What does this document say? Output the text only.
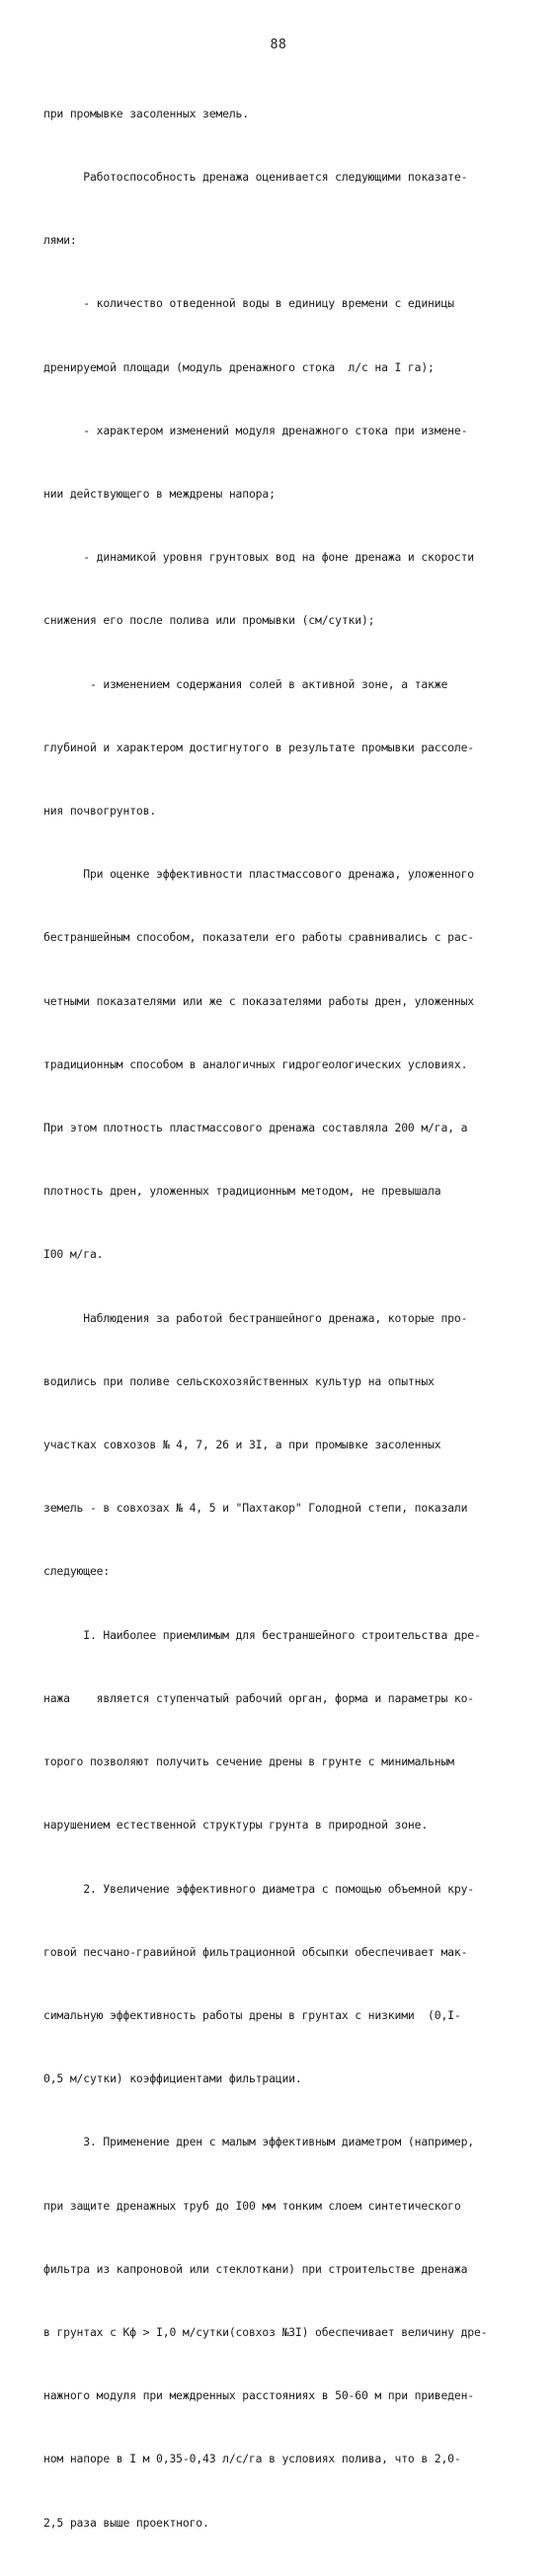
88

при промывке засоленных земель.

Работоспособность дренажа оценивается следующими показате-

лями:

- количество отведенной воды в единицу времени с единицы

дренируемой площади (модуль дренажного стока  л/с на I га);

- характером изменений модуля дренажного стока при измене-

нии действующего в междрены напора;

- динамикой уровня грунтовых вод на фоне дренажа и скорости

снижения его после полива или промывки (см/сутки);

- изменением содержания солей в активной зоне, а также

глубиной и характером достигнутого в результате промывки рассоле-

ния почвогрунтов.

При оценке эффективности пластмассового дренажа, уложенного

бестраншейным способом, показатели его работы сравнивались с рас-

четными показателями или же с показателями работы дрен, уложенных

традиционным способом в аналогичных гидрогеологических условиях.

При этом плотность пластмассового дренажа составляла 200 м/га, а

плотность дрен, уложенных традиционным методом, не превышала

I00 м/га.

Наблюдения за работой бестраншейного дренажа, которые про-

водились при поливе сельскохозяйственных культур на опытных

участках совхозов № 4, 7, 26 и 3I, а при промывке засоленных

земель - в совхозах № 4, 5 и "Пахтакор" Голодной степи, показали

следующее:

I. Наиболее приемлимым для бестраншейного строительства дре-

нажа    является ступенчатый рабочий орган, форма и параметры ко-

торого позволяют получить сечение дрены в грунте с минимальным

нарушением естественной структуры грунта в природной зоне.

2. Увеличение эффективного диаметра с помощью объемной кру-

говой песчано-гравийной фильтрационной обсыпки обеспечивает мак-

симальную эффективность работы дрены в грунтах с низкими  (0,I-

0,5 м/сутки) коэффициентами фильтрации.

3. Применение дрен с малым эффективным диаметром (например,

при защите дренажных труб до I00 мм тонким слоем синтетического

фильтра из капроновой или стеклоткани) при строительстве дренажа

в грунтах с Кф > I,0 м/сутки(совхоз №3I) обеспечивает величину дре-

нажного модуля при междренных расстояниях в 50-60 м при приведен-

ном напоре в I м 0,35-0,43 л/с/га в условиях полива, что в 2,0-

2,5 раза выше проектного.
